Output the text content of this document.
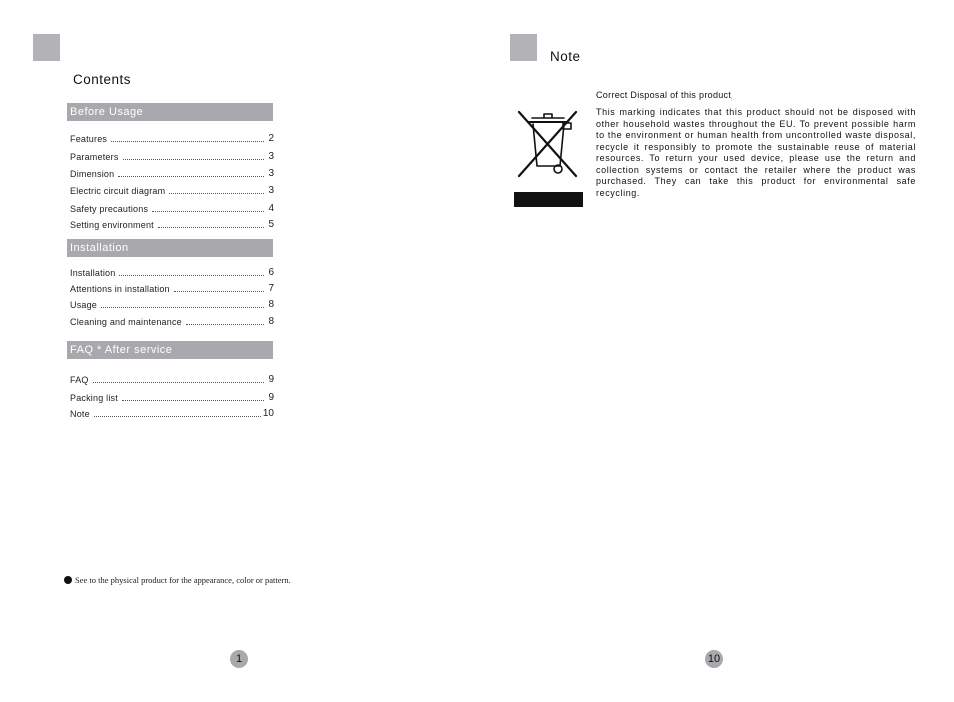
Contents
Before Usage
Features	2
Parameters	3
Dimension	3
Electric circuit diagram	3
Safety precautions	4
Setting environment	5
Installation
Installation	6
Attentions in installation	7
Usage	8
Cleaning and maintenance	8
FAQ * After service
FAQ	9
Packing list	9
Note	10
See to the physical product for the appearance, color or pattern.
1
Note
Correct Disposal of this product$_:$
This marking indicates that this product should not be disposed with other household wastes throughout the EU. To prevent possible harm to the environment or human health from uncontrolled waste disposal, recycle it responsibly to promote the sustainable reuse of material resources. To return your used device, please use the return and collection systems or contact the retailer where the product was purchased. They can take this product for environmental safe recycling.
10
